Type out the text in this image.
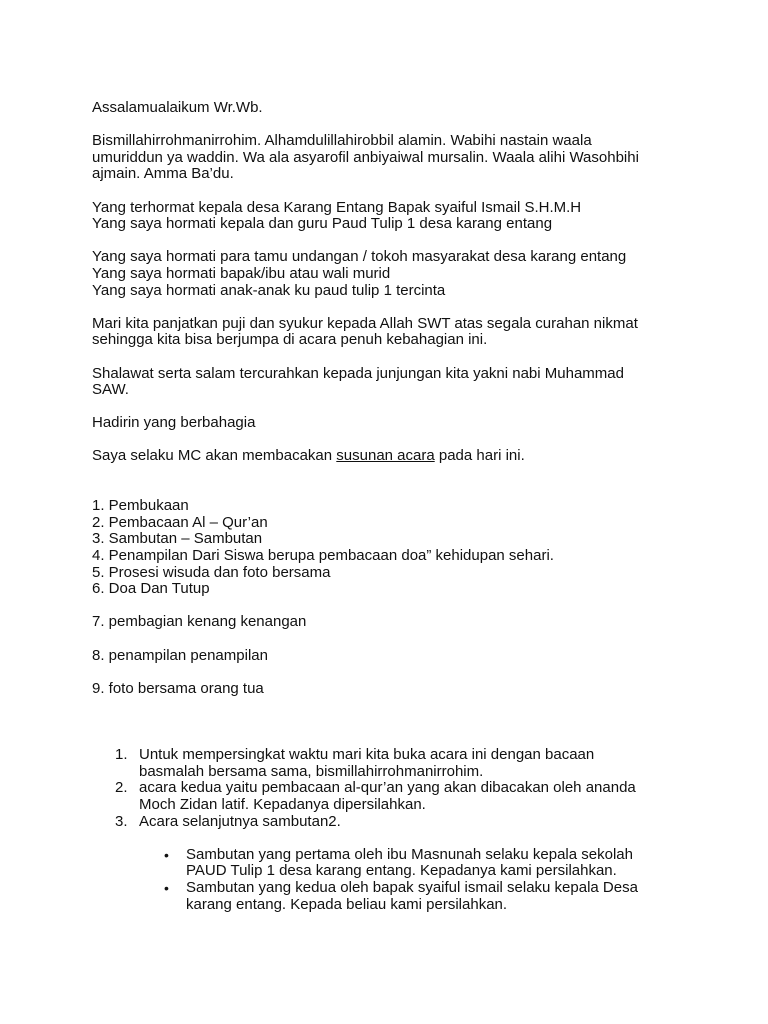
Assalamualaikum Wr.Wb.

Bismillahirrohmanirrohim. Alhamdulillahirobbil alamin. Wabihi nastain waala
umuriddun ya waddin. Wa ala asyarofil anbiyaiwal mursalin. Waala alihi Wasohbihi
ajmain. Amma Ba’du.

Yang terhormat kepala desa Karang Entang Bapak syaiful Ismail S.H.M.H
Yang saya hormati kepala dan guru Paud Tulip 1 desa karang entang

Yang saya hormati para tamu undangan / tokoh masyarakat desa karang entang
Yang saya hormati bapak/ibu atau wali murid
Yang saya hormati anak-anak ku paud tulip 1 tercinta

Mari kita panjatkan puji dan syukur kepada Allah SWT atas segala curahan nikmat
sehingga kita bisa berjumpa di acara penuh kebahagian ini.

Shalawat serta salam tercurahkan kepada junjungan kita yakni nabi Muhammad
SAW.

Hadirin yang berbahagia

Saya selaku MC akan membacakan susunan acara pada hari ini.

1. Pembukaan
2. Pembacaan Al – Qur’an
3. Sambutan – Sambutan
4. Penampilan Dari Siswa berupa pembacaan doa” kehidupan sehari.
5. Prosesi wisuda dan foto bersama
6. Doa Dan Tutup

7. pembagian kenang kenangan

8. penampilan penampilan

9. foto bersama orang tua

1. Untuk mempersingkat waktu mari kita buka acara ini dengan bacaan
basmalah bersama sama, bismillahirrohmanirrohim.
2. acara kedua yaitu pembacaan al-qur’an yang akan dibacakan oleh ananda
Moch Zidan latif. Kepadanya dipersilahkan.
3. Acara selanjutnya sambutan2.
• Sambutan yang pertama oleh ibu Masnunah selaku kepala sekolah
PAUD Tulip 1 desa karang entang. Kepadanya kami persilahkan.
• Sambutan yang kedua oleh bapak syaiful ismail selaku kepala Desa
karang entang. Kepada beliau kami persilahkan.
